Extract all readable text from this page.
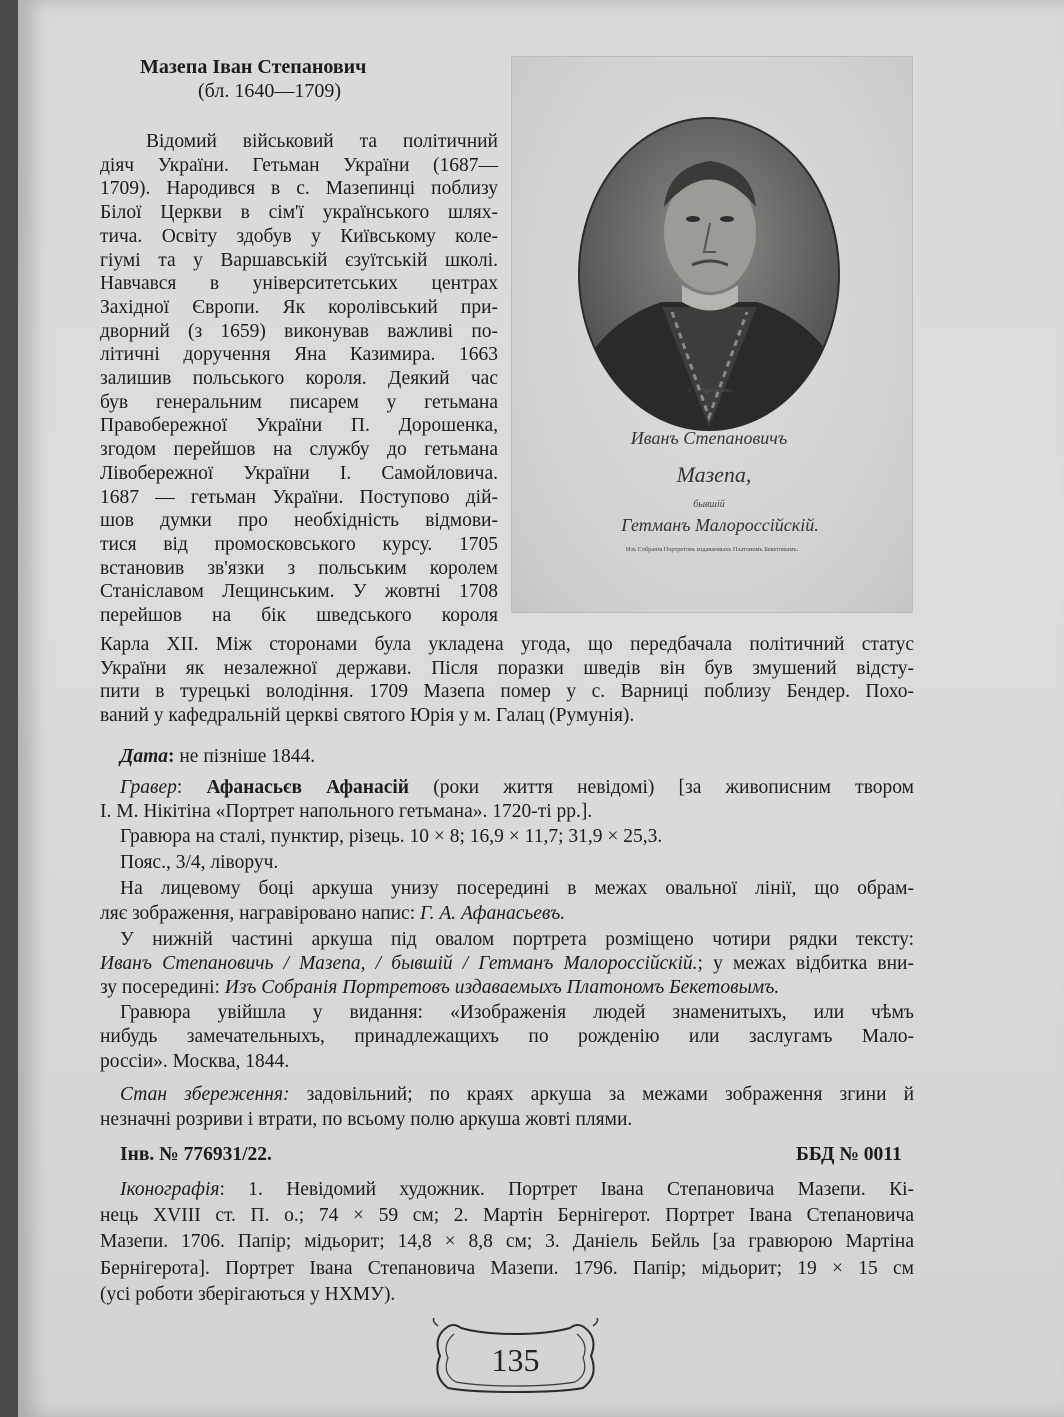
Мазепа Іван Степанович
(бл. 1640—1709)
Відомий військовий та політичний
діяч України. Гетьман України (1687—
1709). Народився в с. Мазепинці поблизу
Білої Церкви в сім'ї українського шлях-
тича. Освіту здобув у Київському коле-
гіумі та у Варшавській єзуїтській школі.
Навчався в університетських центрах
Західної Європи. Як королівський при-
дворний (з 1659) виконував важливі по-
літичні доручення Яна Казимира. 1663
залишив польського короля. Деякий час
був генеральним писарем у гетьмана
Правобережної України П. Дорошенка,
згодом перейшов на службу до гетьмана
Лівобережної України І. Самойловича.
1687 — гетьман України. Поступово дій-
шов думки про необхідність відмови-
тися від промосковського курсу. 1705
встановив зв'язки з польським королем
Станіславом Лещинським. У жовтні 1708
перейшов на бік шведського короля
Карла XII. Між сторонами була укладена угода, що передбачала політичний статус
України як незалежної держави. Після поразки шведів він був змушений відсту-
пити в турецькі володіння. 1709 Мазепа помер у с. Варниці поблизу Бендер. Похо-
ваний у кафедральній церкві святого Юрія у м. Галац (Румунія).
Г. А. Афанасьевъ
Иванъ Степановичъ
Мазепа,
бывшій
Гетманъ Малороссійскій.
Изъ Собранія Портретовъ издаваемыхъ Платономъ Бекетовымъ.
Дата: не пізніше 1844.
Гравер: Афанасьєв Афанасій (роки життя невідомі) [за живописним твором
І. М. Нікітіна «Портрет напольного гетьмана». 1720-ті рр.].
Гравюра на сталі, пунктир, різець. 10 × 8; 16,9 × 11,7; 31,9 × 25,3.
Пояс., 3/4, ліворуч.
На лицевому боці аркуша унизу посередині в межах овальної лінії, що обрам-
ляє зображення, награвіровано напис: Г. А. Афанасьевъ.
У нижній частині аркуша під овалом портрета розміщено чотири рядки тексту:
Иванъ Степановичь / Мазепа, / бывшій / Гетманъ Малороссійскій.; у межах відбитка вни-
зу посередині: Изъ Собранія Портретовъ издаваемыхъ Платономъ Бекетовымъ.
Гравюра увійшла у видання: «Изображенія людей знаменитыхъ, или чѣмъ
нибудь замечательныхъ, принадлежащихъ по рожденію или заслугамъ Мало-
россіи». Москва, 1844.
Стан збереження: задовільний; по краях аркуша за межами зображення згини й
незначні розриви і втрати, по всьому полю аркуша жовті плями.
Інв. № 776931/22.	ББД № 0011
Іконографія: 1. Невідомий художник. Портрет Івана Степановича Мазепи. Кі-
нець XVIII ст. П. о.; 74 × 59 см; 2. Мартін Бернігерот. Портрет Івана Степановича
Мазепи. 1706. Папір; мідьорит; 14,8 × 8,8 см; 3. Даніель Бейль [за гравюрою Мартіна
Бернігерота]. Портрет Івана Степановича Мазепи. 1796. Папір; мідьорит; 19 × 15 см
(усі роботи зберігаються у НХМУ).
135
